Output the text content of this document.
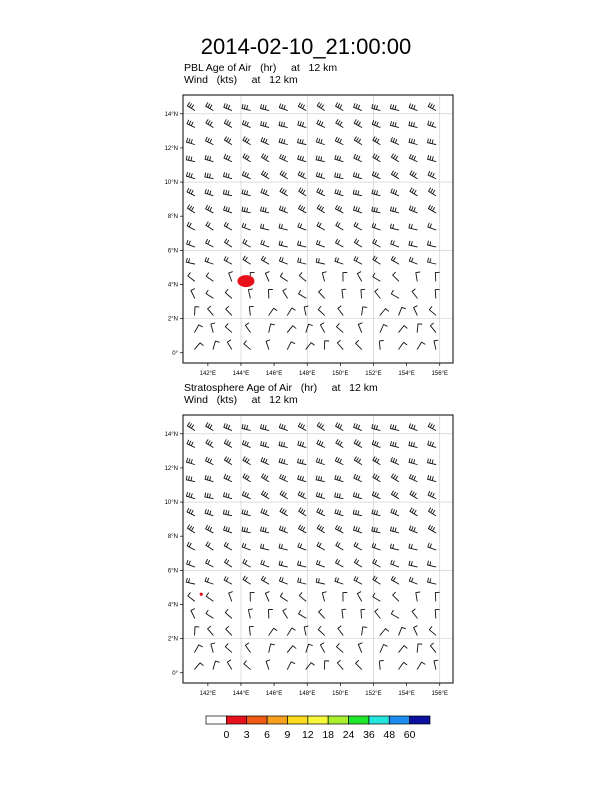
2014-02-10_21:00:00
PBL Age of Air   (hr)     at   12 km
Wind   (kts)     at   12 km
Stratosphere Age of Air   (hr)     at   12 km
Wind   (kts)     at   12 km
142°E	144°E	146°E	148°E	150°E	152°E	154°E	156°E
14°N
12°N
10°N
8°N
6°N
4°N
2°N
0°
142°E	144°E	146°E	148°E	150°E	152°E	154°E	156°E
14°N
12°N
10°N
8°N
6°N
4°N
2°N
0°
0 3 6 9 12 18 24 36 48 60
